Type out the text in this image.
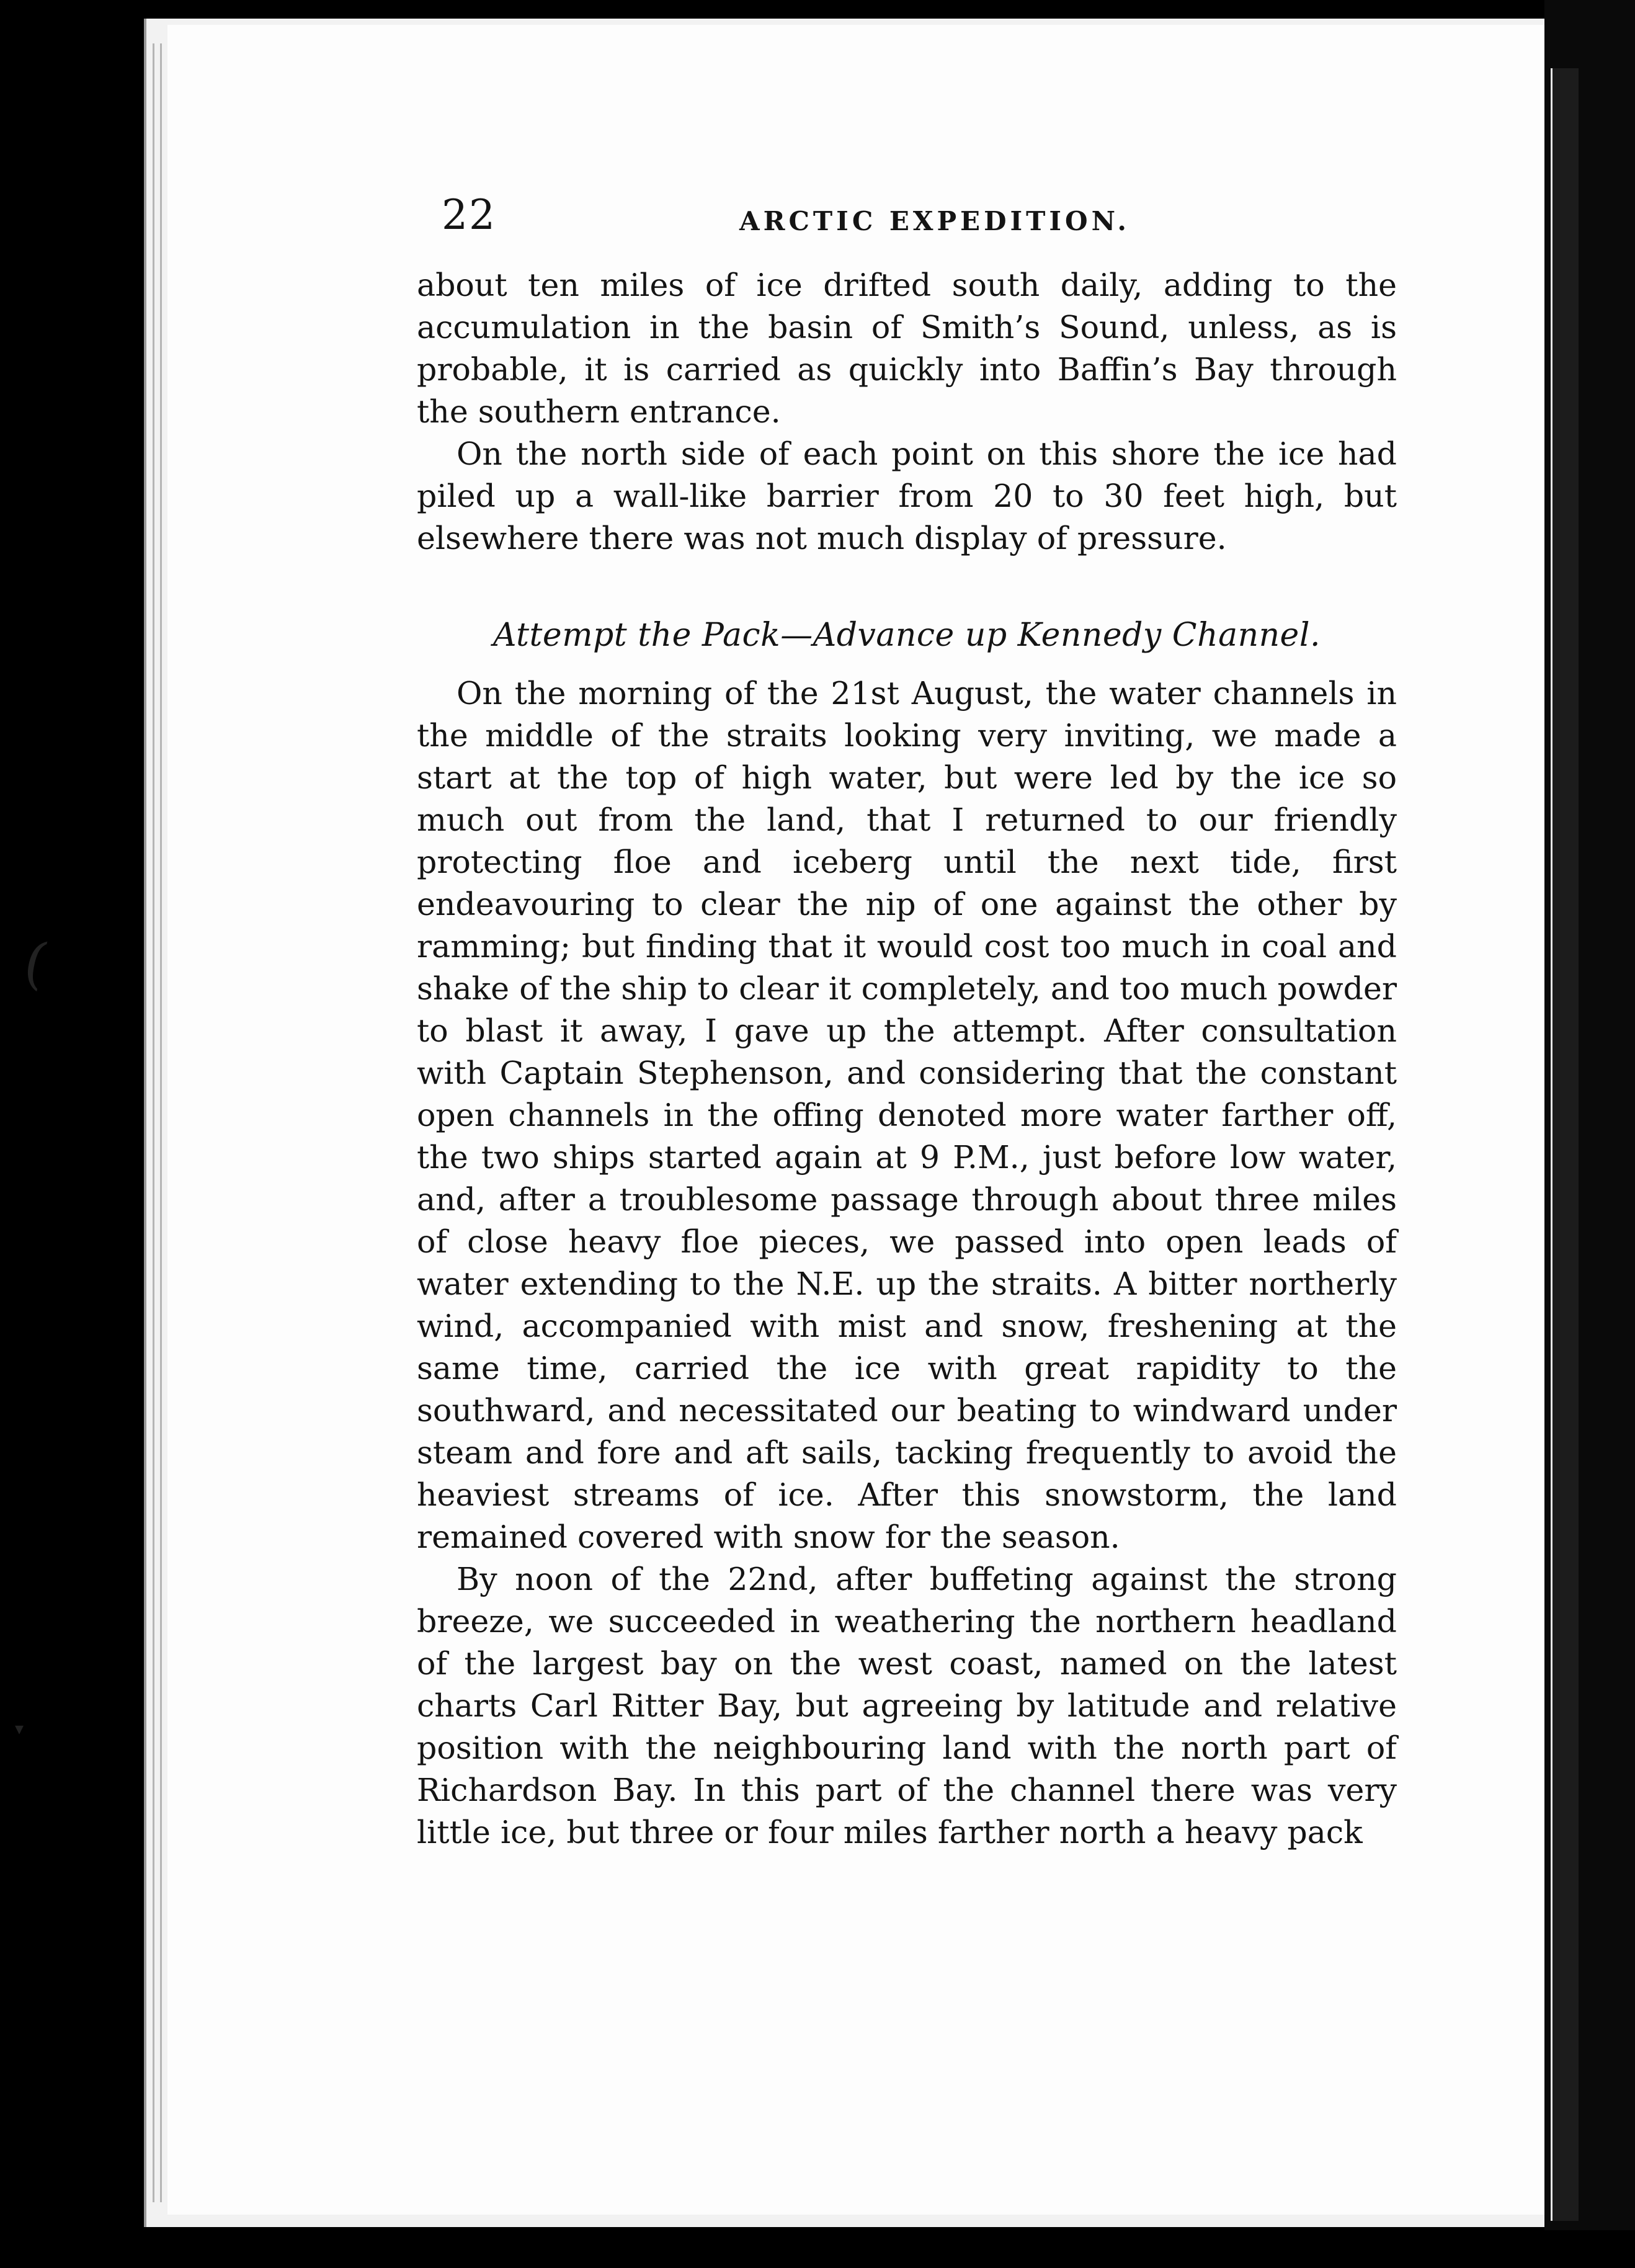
(
▾
22	ARCTIC EXPEDITION.

about ten miles of ice drifted south daily, adding to the accumulation in the basin of Smith’s Sound, unless, as is probable, it is carried as quickly into Baffin’s Bay through the southern entrance.

On the north side of each point on this shore the ice had piled up a wall-like barrier from 20 to 30 feet high, but elsewhere there was not much display of pressure.

Attempt the Pack—Advance up Kennedy Channel.

On the morning of the 21st August, the water channels in the middle of the straits looking very inviting, we made a start at the top of high water, but were led by the ice so much out from the land, that I returned to our friendly protecting floe and iceberg until the next tide, first endeavouring to clear the nip of one against the other by ramming; but finding that it would cost too much in coal and shake of the ship to clear it completely, and too much powder to blast it away, I gave up the attempt. After consultation with Captain Stephenson, and considering that the constant open channels in the offing denoted more water farther off, the two ships started again at 9 P.M., just before low water, and, after a troublesome passage through about three miles of close heavy floe pieces, we passed into open leads of water extending to the N.E. up the straits. A bitter northerly wind, accompanied with mist and snow, freshening at the same time, carried the ice with great rapidity to the southward, and necessitated our beating to windward under steam and fore and aft sails, tacking frequently to avoid the heaviest streams of ice. After this snowstorm, the land remained covered with snow for the season.

By noon of the 22nd, after buffeting against the strong breeze, we succeeded in weathering the northern headland of the largest bay on the west coast, named on the latest charts Carl Ritter Bay, but agreeing by latitude and relative position with the neighbouring land with the north part of Richardson Bay. In this part of the channel there was very little ice, but three or four miles farther north a heavy pack
